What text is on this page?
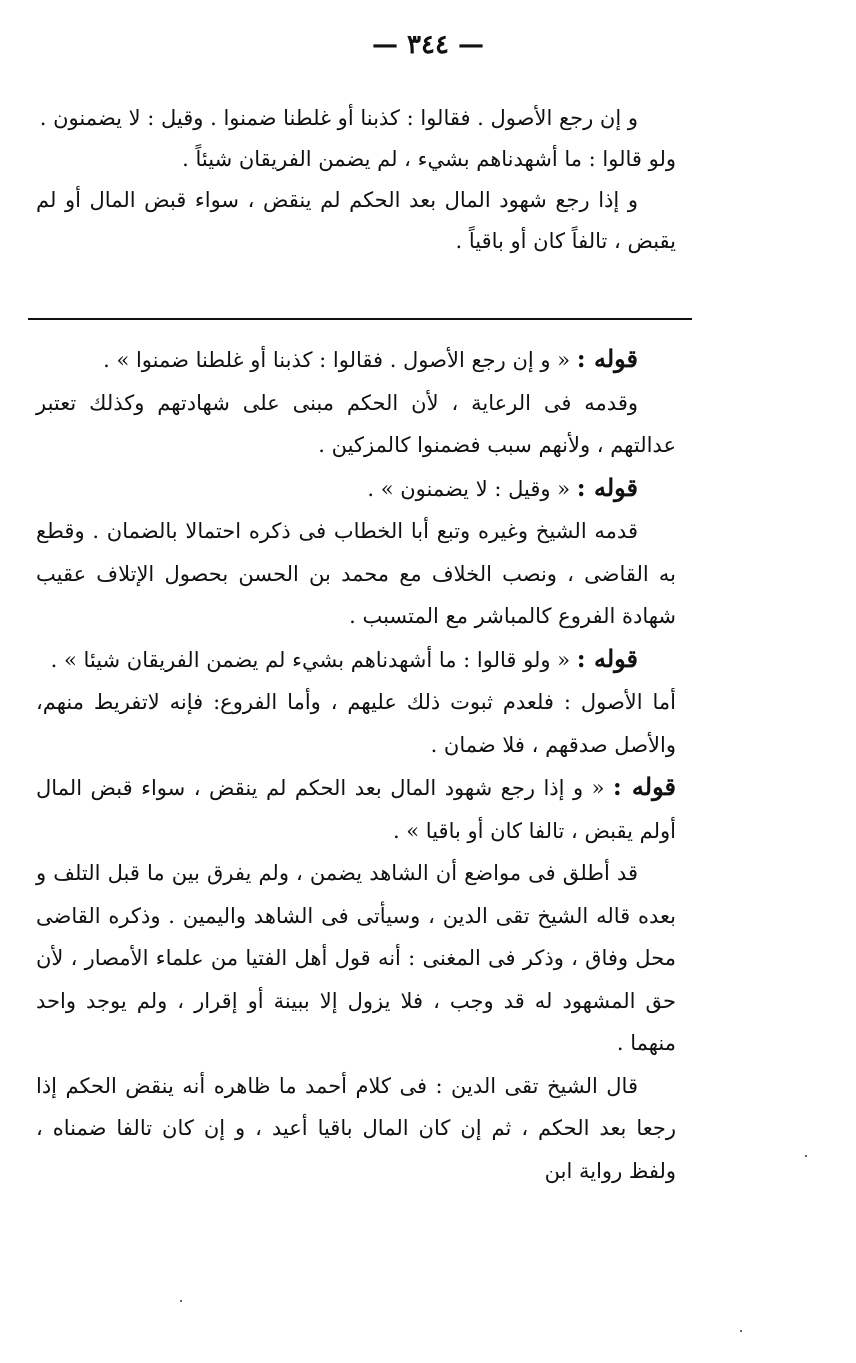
— ٣٤٤ —

و إن رجع الأصول . فقالوا : كذبنا أو غلطنا ضمنوا . وقيل : لا يضمنون .

ولو قالوا : ما أشهدناهم بشيء ، لم يضمن الفريقان شيئاً .

و إذا رجع شهود المال بعد الحكم لم ينقض ، سواء قبض المال أو لم يقبض ، تالفاً كان أو باقياً .

قوله : « و إن رجع الأصول . فقالوا : كذبنا أو غلطنا ضمنوا » .

وقدمه فى الرعاية ، لأن الحكم مبنى على شهادتهم وكذلك تعتبر عدالتهم ، ولأنهم سبب فضمنوا كالمزكين .

قوله : « وقيل : لا يضمنون » .

قدمه الشيخ وغيره وتبع أبا الخطاب فى ذكره احتمالا بالضمان . وقطع به القاضى ، ونصب الخلاف مع محمد بن الحسن بحصول الإتلاف عقيب شهادة الفروع كالمباشر مع المتسبب .

قوله : « ولو قالوا : ما أشهدناهم بشيء لم يضمن الفريقان شيئا » .

أما الأصول : فلعدم ثبوت ذلك عليهم ، وأما الفروع: فإنه لاتفريط منهم، والأصل صدقهم ، فلا ضمان .

قوله : « و إذا رجع شهود المال بعد الحكم لم ينقض ، سواء قبض المال أولم يقبض ، تالفا كان أو باقيا » .

قد أطلق فى مواضع أن الشاهد يضمن ، ولم يفرق بين ما قبل التلف و بعده قاله الشيخ تقى الدين ، وسيأتى فى الشاهد واليمين . وذكره القاضى محل وفاق ، وذكر فى المغنى : أنه قول أهل الفتيا من علماء الأمصار ، لأن حق المشهود له قد وجب ، فلا يزول إلا ببينة أو إقرار ، ولم يوجد واحد منهما .

قال الشيخ تقى الدين : فى كلام أحمد ما ظاهره أنه ينقض الحكم إذا رجعا بعد الحكم ، ثم إن كان المال باقيا أعيد ، و إن كان تالفا ضمناه ، ولفظ رواية ابن
